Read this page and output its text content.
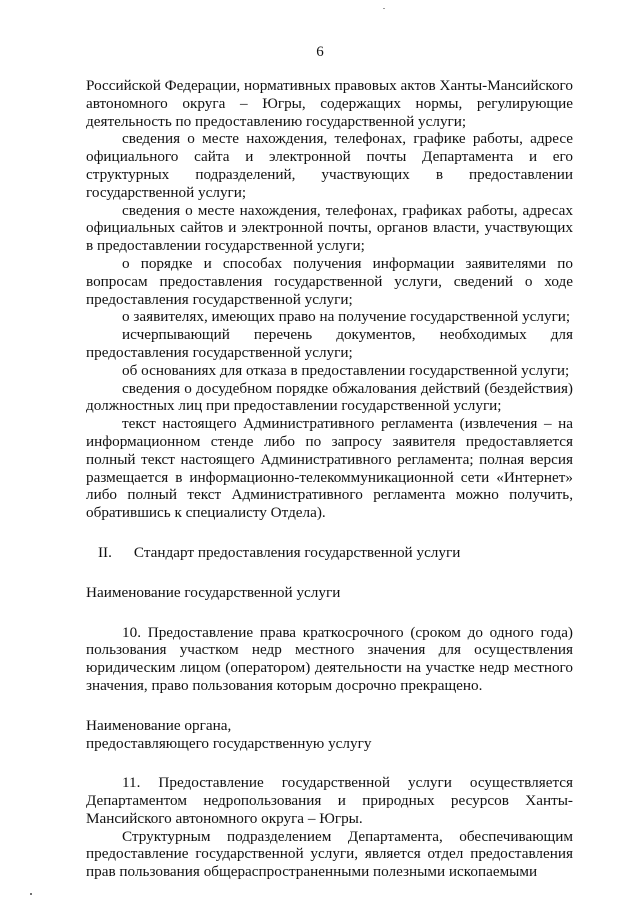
6

Российской Федерации, нормативных правовых актов Ханты-Мансийского автономного округа – Югры, содержащих нормы, регулирующие деятельность по предоставлению государственной услуги;

сведения о месте нахождения, телефонах, графике работы, адресе официального сайта и электронной почты Департамента и его структурных подразделений, участвующих в предоставлении государственной услуги;

сведения о месте нахождения, телефонах, графиках работы, адресах официальных сайтов и электронной почты, органов власти, участвующих в предоставлении государственной услуги;

о порядке и способах получения информации заявителями по вопросам предоставления государственной услуги, сведений о ходе предоставления государственной услуги;

о заявителях, имеющих право на получение государственной услуги;

исчерпывающий перечень документов, необходимых для предоставления государственной услуги;

об основаниях для отказа в предоставлении государственной услуги;

сведения о досудебном порядке обжалования действий (бездействия) должностных лиц при предоставлении государственной услуги;

текст настоящего Административного регламента (извлечения – на информационном стенде либо по запросу заявителя предоставляется полный текст настоящего Административного регламента; полная версия размещается в информационно-телекоммуникационной сети «Интернет» либо полный текст Административного регламента можно получить, обратившись к специалисту Отдела).

II. Стандарт предоставления государственной услуги

Наименование государственной услуги

10. Предоставление права краткосрочного (сроком до одного года) пользования участком недр местного значения для осуществления юридическим лицом (оператором) деятельности на участке недр местного значения, право пользования которым досрочно прекращено.

Наименование органа,

предоставляющего государственную услугу

11. Предоставление государственной услуги осуществляется Департаментом недропользования и природных ресурсов Ханты-Мансийского автономного округа – Югры.

Структурным подразделением Департамента, обеспечивающим предоставление государственной услуги, является отдел предоставления прав пользования общераспространенными полезными ископаемыми
